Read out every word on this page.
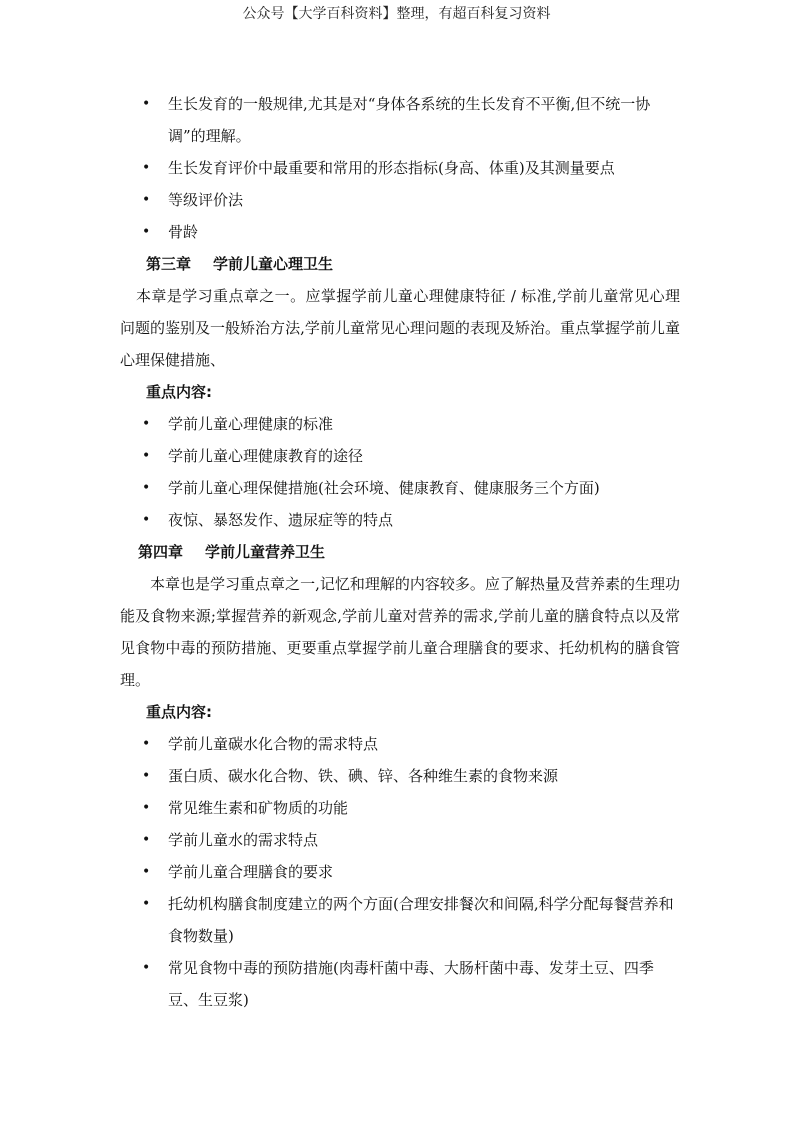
公众号【大学百科资料】整理，有超百科复习资料
• 生长发育的一般规律,尤其是对“身体各系统的生长发育不平衡,但不统一协调”的理解。
• 生长发育评价中最重要和常用的形态指标(身高、体重)及其测量要点
• 等级评价法
• 骨龄
第三章 学前儿童心理卫生
本章是学习重点章之一。应掌握学前儿童心理健康特征 / 标准,学前儿童常见心理问题的鉴别及一般矫治方法,学前儿童常见心理问题的表现及矫治。重点掌握学前儿童心理保健措施、
重点内容:
• 学前儿童心理健康的标准
• 学前儿童心理健康教育的途径
• 学前儿童心理保健措施(社会环境、健康教育、健康服务三个方面)
• 夜惊、暴怒发作、遗尿症等的特点
第四章 学前儿童营养卫生
本章也是学习重点章之一,记忆和理解的内容较多。应了解热量及营养素的生理功能及食物来源;掌握营养的新观念,学前儿童对营养的需求,学前儿童的膳食特点以及常见食物中毒的预防措施、更要重点掌握学前儿童合理膳食的要求、托幼机构的膳食管理。
重点内容:
• 学前儿童碳水化合物的需求特点
• 蛋白质、碳水化合物、铁、碘、锌、各种维生素的食物来源
• 常见维生素和矿物质的功能
• 学前儿童水的需求特点
• 学前儿童合理膳食的要求
• 托幼机构膳食制度建立的两个方面(合理安排餐次和间隔,科学分配每餐营养和食物数量)
• 常见食物中毒的预防措施(肉毒杆菌中毒、大肠杆菌中毒、发芽土豆、四季豆、生豆浆)
